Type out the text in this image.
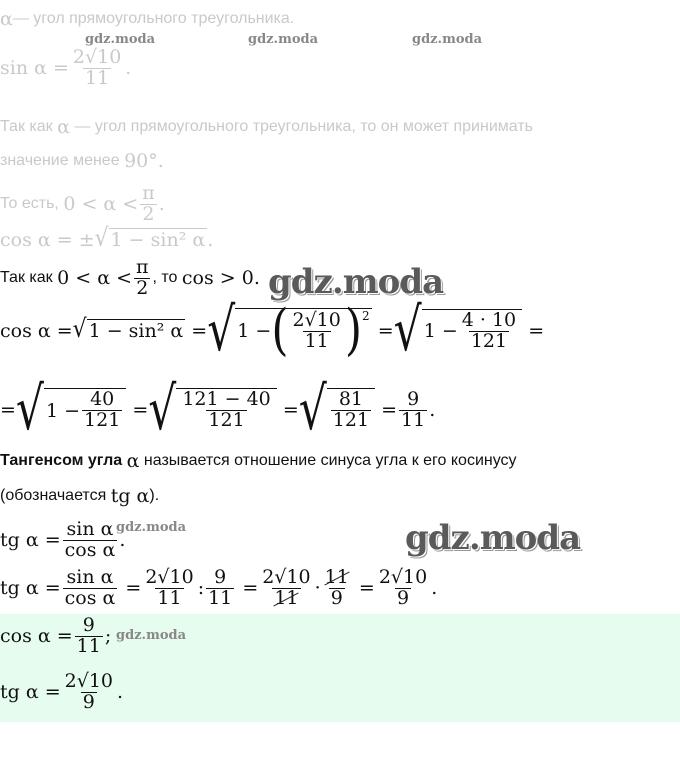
α — угол прямоугольного треугольника.
gdz.moda	gdz.moda	gdz.moda
$\sin \alpha = \frac{2√10}{11}$ .
Так как
α
— угол прямоугольного треугольника, то он может принимать
значение менее
90° .
То есть,
$0 < \alpha < \frac{\pi}{2}$ .
cos α = ± √ 1 − sin² α .
Так как
$0 < \alpha < \frac{\pi}{2}$ , то
cos > 0 . gdz.moda
cos α = √ 1 − sin² α
= √ 1 − ( $\frac{2√10}{11} )^2$

= √ $1 - \frac{4 \cdot 10}{121}$
=
= √ $1 - \frac{40}{121}$
= √ $\frac{121 - 40}{121}$
= √ $\frac{81}{121}$
= $\frac{9}{11}$ .
Тангенсом угла
α
называется отношение синуса угла к его косинусу
(обозначается
tg α ).
tg $\alpha = \frac{\text{sin α}}{\text{cos α}}$ .
gdz.moda	gdz.moda
tg $\alpha = \frac{\text{sin α}}{\text{cos α}}$
= $\frac{2√10}{11}$ : $\frac{9}{11}$
= $\frac{2√10}{11} \cdot \frac{11}{9}$
= $\frac{2√10}{9}$ .
$\cos \alpha = \frac{9}{11}$ ; gdz.moda
tg $\alpha = \frac{2√10}{9}$ .
